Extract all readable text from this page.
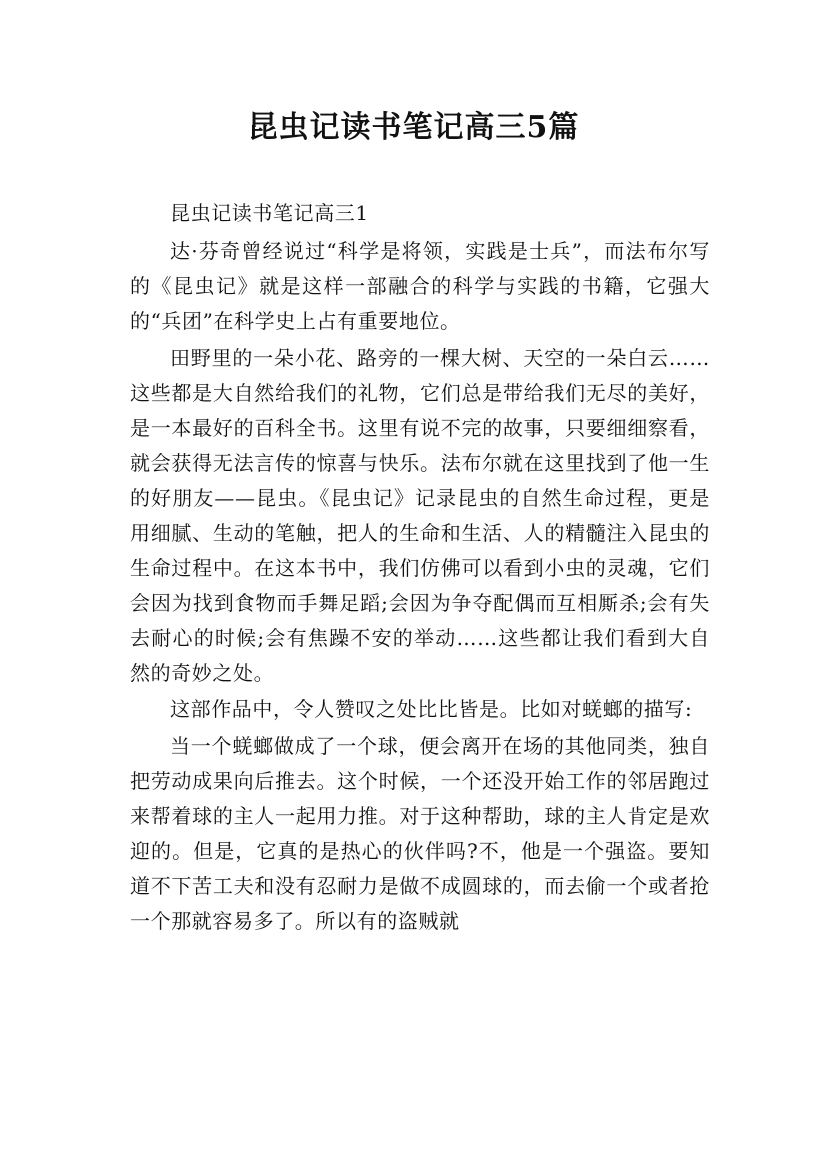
昆虫记读书笔记高三5篇

昆虫记读书笔记高三1

达·芬奇曾经说过“科学是将领，实践是士兵”，而法布尔写的《昆虫记》就是这样一部融合的科学与实践的书籍，它强大的“兵团”在科学史上占有重要地位。

田野里的一朵小花、路旁的一棵大树、天空的一朵白云……这些都是大自然给我们的礼物，它们总是带给我们无尽的美好，是一本最好的百科全书。这里有说不完的故事，只要细细察看，就会获得无法言传的惊喜与快乐。法布尔就在这里找到了他一生的好朋友——昆虫。《昆虫记》记录昆虫的自然生命过程，更是用细腻、生动的笔触，把人的生命和生活、人的精髓注入昆虫的生命过程中。在这本书中，我们仿佛可以看到小虫的灵魂，它们会因为找到食物而手舞足蹈;会因为争夺配偶而互相厮杀;会有失去耐心的时候;会有焦躁不安的举动……这些都让我们看到大自然的奇妙之处。

这部作品中，令人赞叹之处比比皆是。比如对蜣螂的描写:

当一个蜣螂做成了一个球，便会离开在场的其他同类，独自把劳动成果向后推去。这个时候，一个还没开始工作的邻居跑过来帮着球的主人一起用力推。对于这种帮助，球的主人肯定是欢迎的。但是，它真的是热心的伙伴吗?不，他是一个强盗。要知道不下苦工夫和没有忍耐力是做不成圆球的，而去偷一个或者抢一个那就容易多了。所以有的盗贼就
